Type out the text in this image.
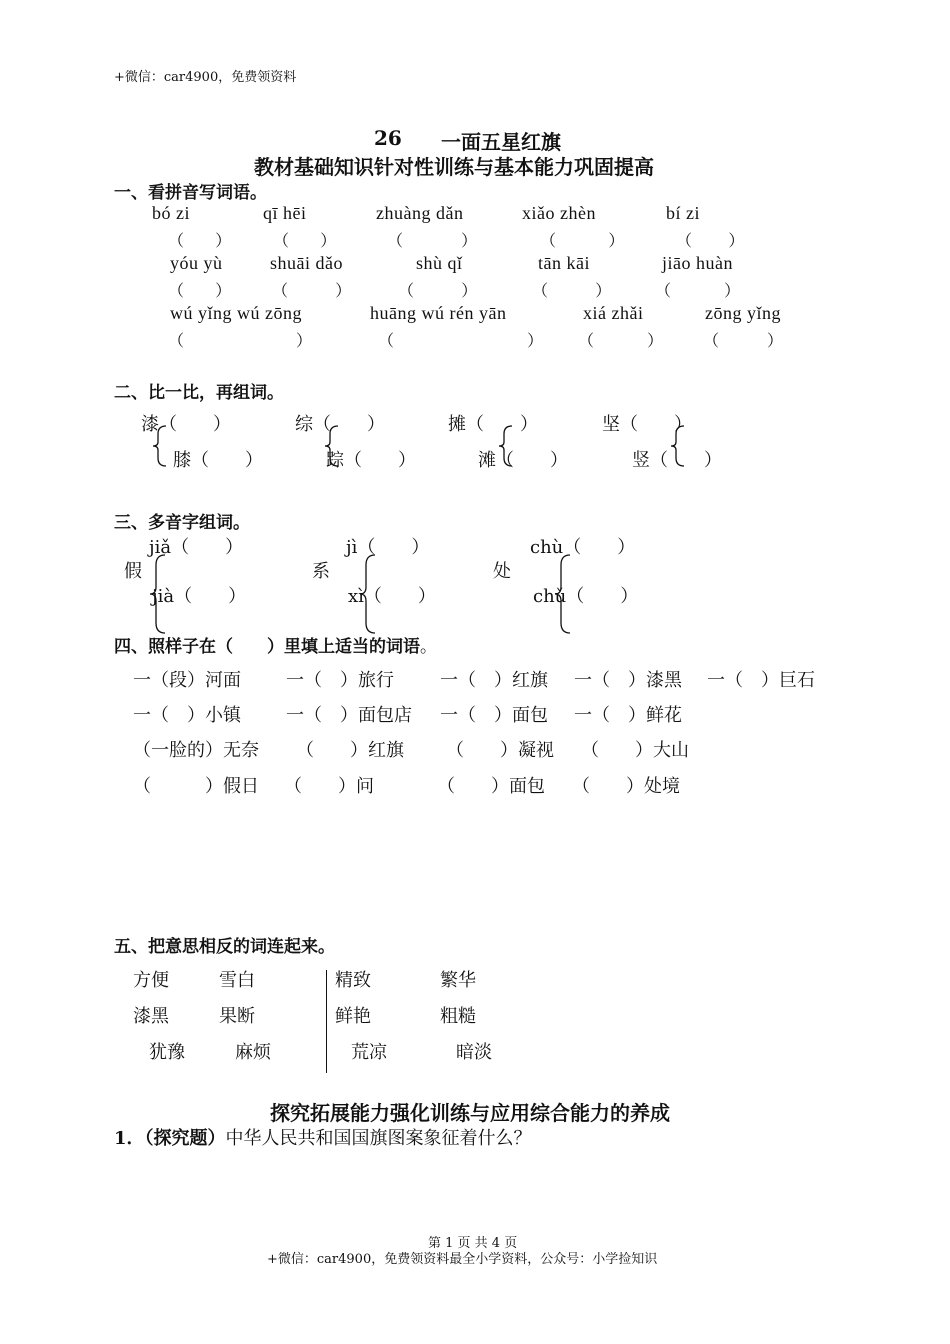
+微信：car4900，免费领资料
26 一面五星红旗
教材基础知识针对性训练与基本能力巩固提高
一、看拼音写词语。
bó zi	qī hēi	zhuàng dǎn	xiǎo zhèn	bí zi
（    ）	（    ）	（     ）	（      ）	（     ）
yóu yù	shuāi dǎo	shù qǐ	tān kāi	jiāo huàn
（    ）	（     ）	（     ）	（     ）	（    ）
wú yǐng wú zōng	huāng wú rén yān	xiá zhǎi	zōng yǐng
（       ）	（         ） （    ） （   ）
二、比一比，再组词。
漆（　　）	综（　　）	摊（　　）	坚（　　）
膝（　　）	踪（　　）	滩（　　）	竖（　　）
三、多音字组词。
jiǎ（　　）
假
jià（　　）
jì（　　）
系
xì（　　）
chù（　　）
处
chǔ（　　）
四、照样子在（　　）里填上适当的词语。
一（段）河面	一（　）旅行	一（　）红旗 一（　）漆黑 一（　）巨石
一（　）小镇	一（　）面包店 一（　）面包 一（　）鲜花
（一脸的）无奈 （　　）红旗 （　　）凝视 （　　）大山
（　　　）假日 （　　）问	（　　）面包 （　　）处境
五、把意思相反的词连起来。
方便	雪白	精致	繁华
漆黑	果断	鲜艳	粗糙
犹豫	麻烦	荒凉	暗淡
探究拓展能力强化训练与应用综合能力的养成
1．（探究题）中华人民共和国国旗图案象征着什么？
第 1 页 共 4 页
+微信：car4900，免费领资料最全小学资料，公众号：小学捡知识
